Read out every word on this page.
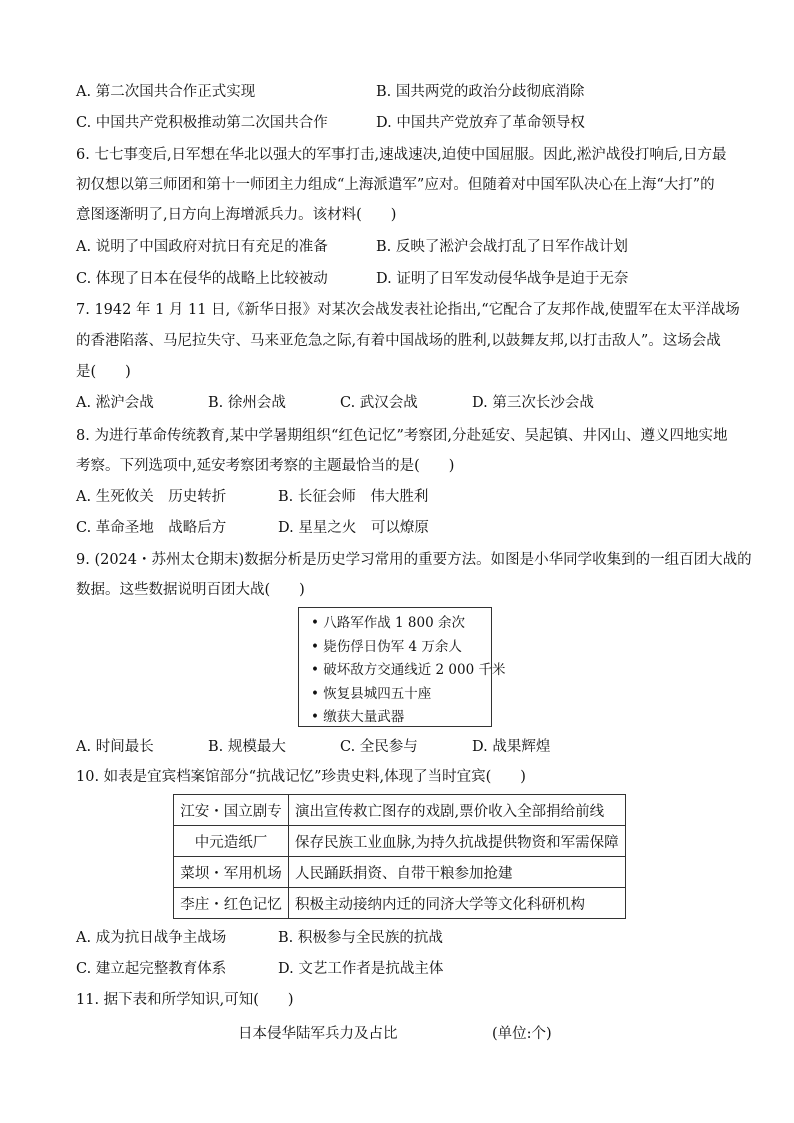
A. 第二次国共合作正式实现	B. 国共两党的政治分歧彻底消除
C. 中国共产党积极推动第二次国共合作	D. 中国共产党放弃了革命领导权
6. 七七事变后,日军想在华北以强大的军事打击,速战速决,迫使中国屈服。因此,淞沪战役打响后,日方最
初仅想以第三师团和第十一师团主力组成“上海派遣军”应对。但随着对中国军队决心在上海“大打”的
意图逐渐明了,日方向上海增派兵力。该材料(　　)
A. 说明了中国政府对抗日有充足的准备	B. 反映了淞沪会战打乱了日军作战计划
C. 体现了日本在侵华的战略上比较被动	D. 证明了日军发动侵华战争是迫于无奈
7. 1942 年 1 月 11 日,《新华日报》对某次会战发表社论指出,“它配合了友邦作战,使盟军在太平洋战场
的香港陷落、马尼拉失守、马来亚危急之际,有着中国战场的胜利,以鼓舞友邦,以打击敌人”。这场会战
是(　　)
A. 淞沪会战	B. 徐州会战	C. 武汉会战	D. 第三次长沙会战
8. 为进行革命传统教育,某中学暑期组织“红色记忆”考察团,分赴延安、吴起镇、井冈山、遵义四地实地
考察。下列选项中,延安考察团考察的主题最恰当的是(　　)
A. 生死攸关　历史转折	B. 长征会师　伟大胜利
C. 革命圣地　战略后方	D. 星星之火　可以燎原
9. (2024・苏州太仓期末)数据分析是历史学习常用的重要方法。如图是小华同学收集到的一组百团大战的
数据。这些数据说明百团大战(　　)
• 八路军作战 1 800 余次
• 毙伤俘日伪军 4 万余人
• 破坏敌方交通线近 2 000 千米
• 恢复县城四五十座
• 缴获大量武器
A. 时间最长	B. 规模最大	C. 全民参与	D. 战果辉煌
10. 如表是宜宾档案馆部分“抗战记忆”珍贵史料,体现了当时宜宾(　　)
江安・国立剧专	演出宣传救亡图存的戏剧,票价收入全部捐给前线
中元造纸厂	保存民族工业血脉,为持久抗战提供物资和军需保障
菜坝・军用机场	人民踊跃捐资、自带干粮参加抢建
李庄・红色记忆	积极主动接纳内迁的同济大学等文化科研机构
A. 成为抗日战争主战场	B. 积极参与全民族的抗战
C. 建立起完整教育体系	D. 文艺工作者是抗战主体
11. 据下表和所学知识,可知(　　)
日本侵华陆军兵力及占比	(单位:个)
